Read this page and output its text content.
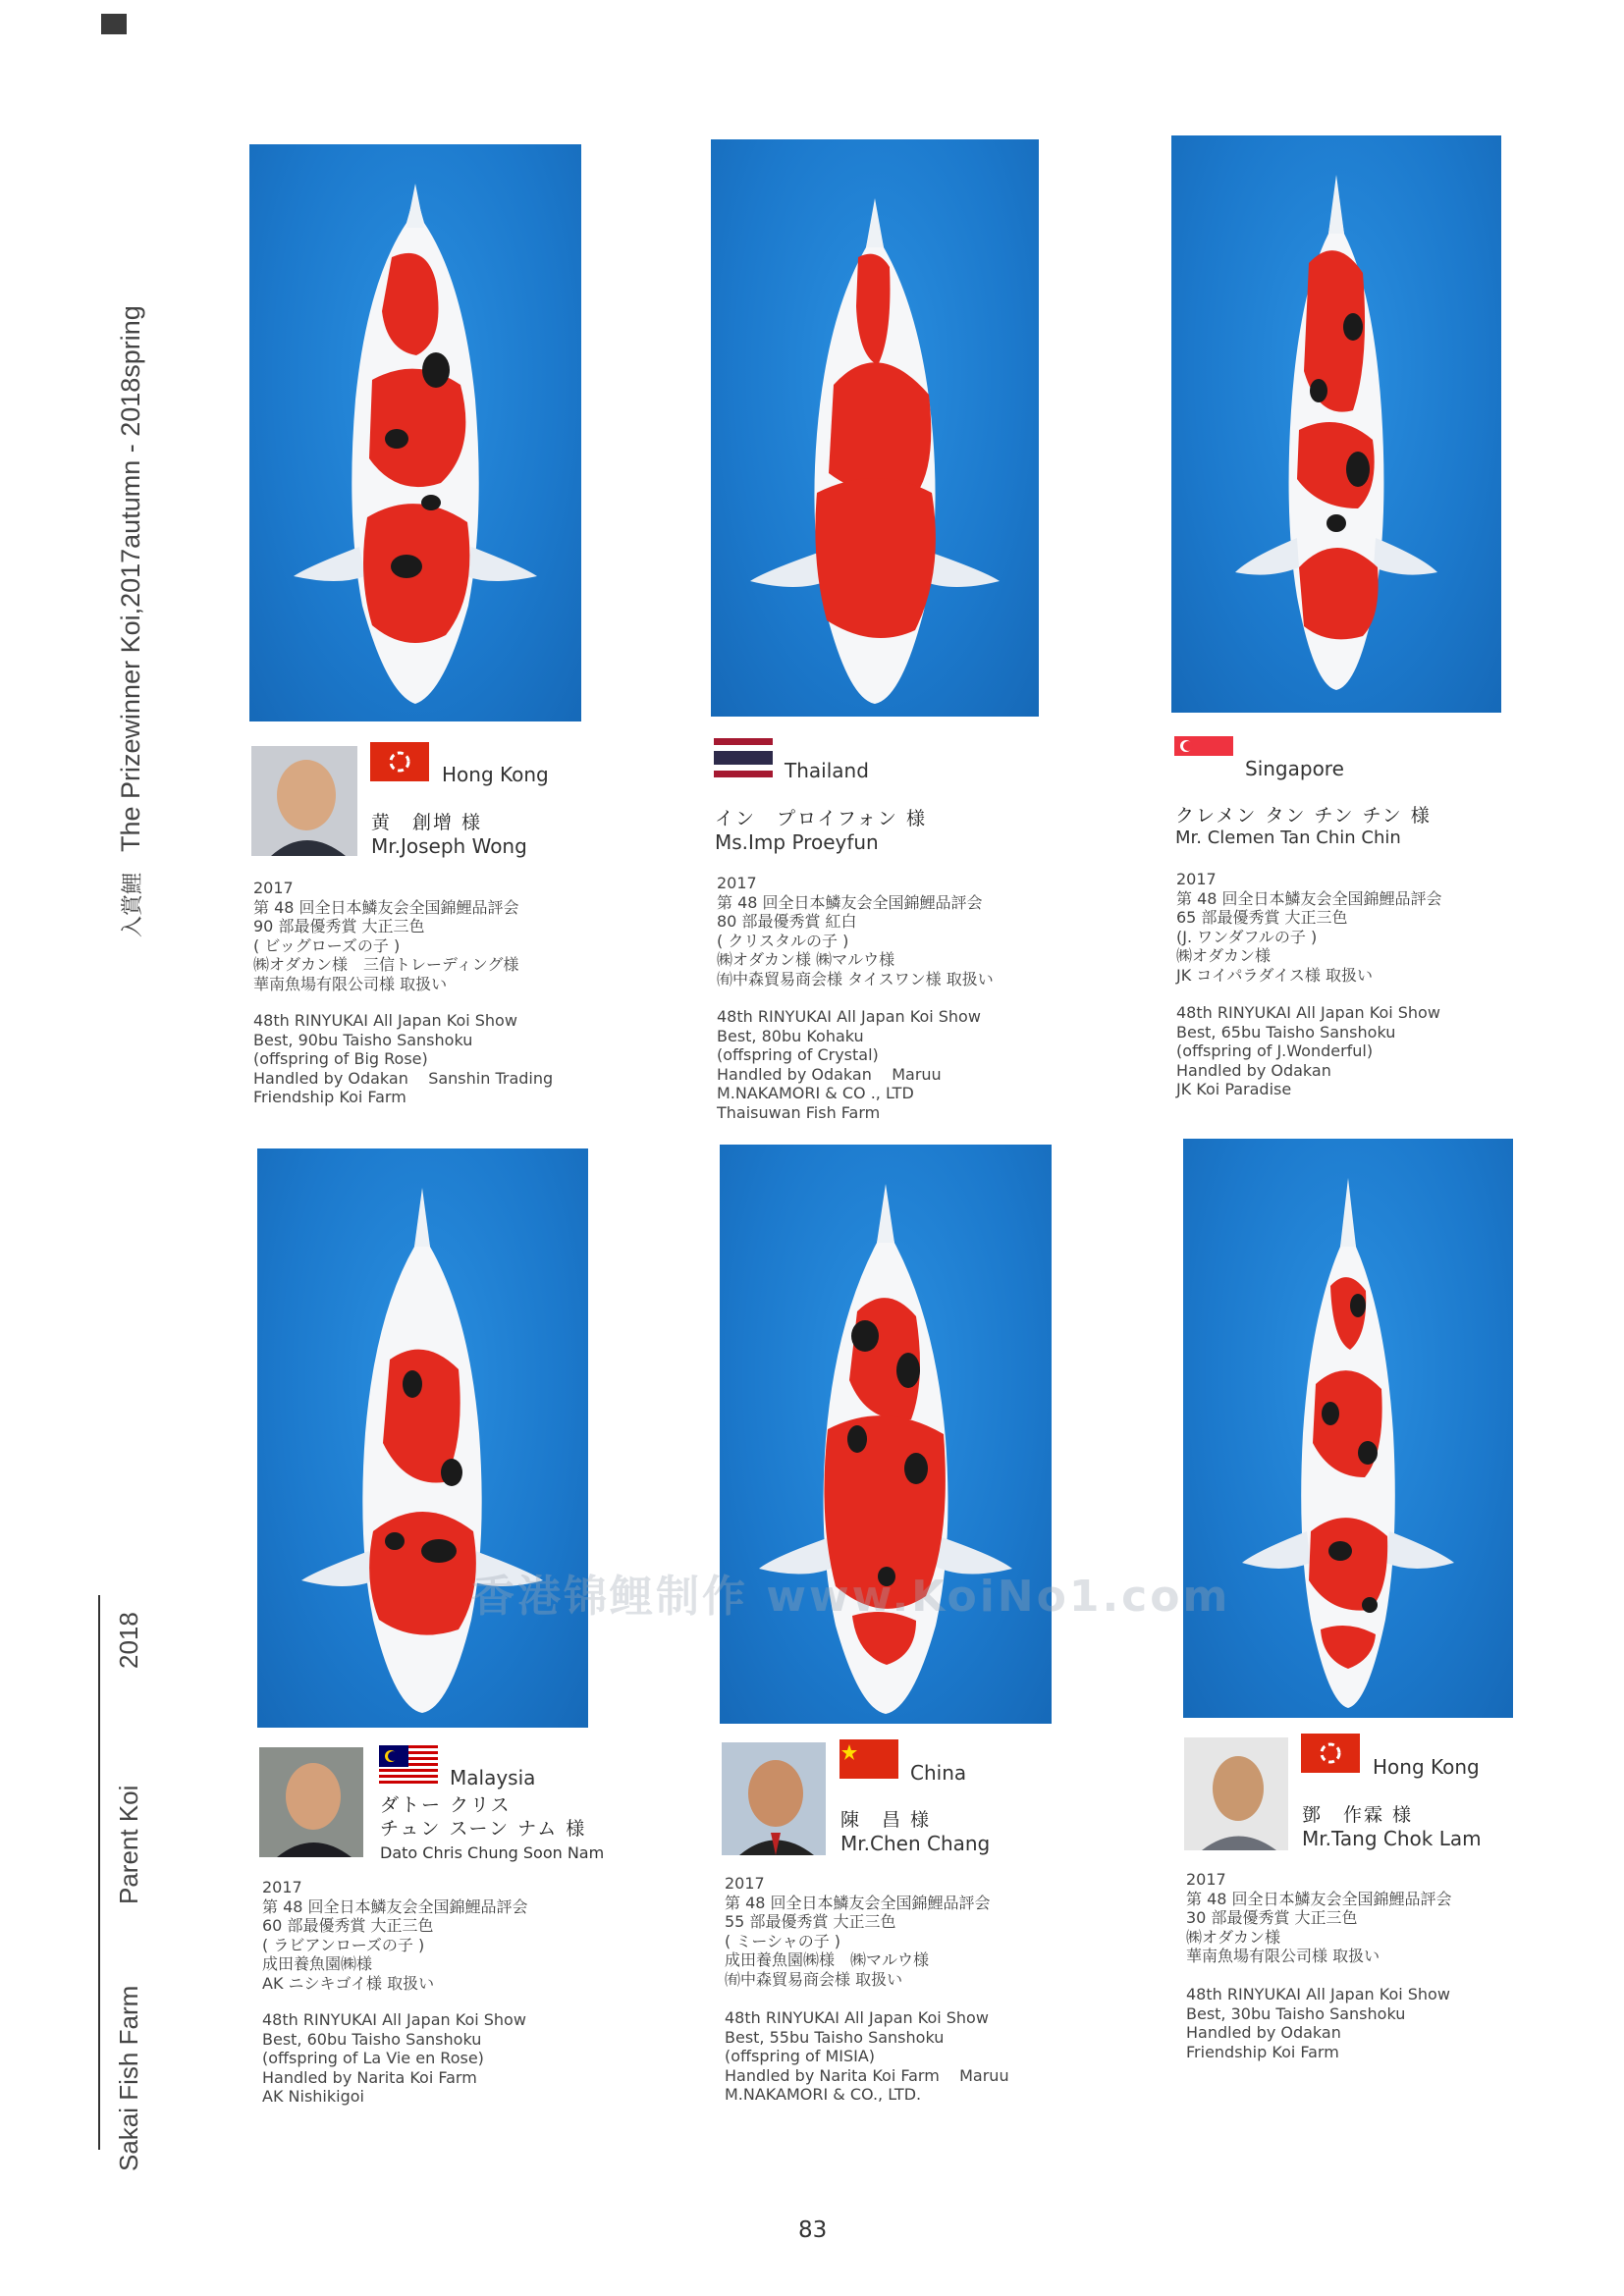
The Prizewinner Koi,2017autumn - 2018spring
入賞鯉
Sakai Fish Farm
Parent Koi
2018
Hong Kong
黄　創增 様
Mr.Joseph Wong
2017
第 48 回全日本鱗友会全国錦鯉品評会
90 部最優秀賞 大正三色
( ビッグローズの子 )
㈱オダカン様　三信トレーディング様
華南魚場有限公司様 取扱い
48th RINYUKAI All Japan Koi Show
Best, 90bu Taisho Sanshoku
(offspring of Big Rose)
Handled by Odakan    Sanshin Trading
Friendship Koi Farm
Thailand
イン　プロイフォン 様
Ms.Imp Proeyfun
2017
第 48 回全日本鱗友会全国錦鯉品評会
80 部最優秀賞 紅白
( クリスタルの子 )
㈱オダカン様 ㈱マルウ様
㈲中森貿易商会様 タイスワン様 取扱い
48th RINYUKAI All Japan Koi Show
Best, 80bu Kohaku
(offspring of Crystal)
Handled by Odakan    Maruu
M.NAKAMORI & CO ., LTD
Thaisuwan Fish Farm
Singapore
クレメン タン チン チン 様
Mr. Clemen Tan Chin Chin
2017
第 48 回全日本鱗友会全国錦鯉品評会
65 部最優秀賞 大正三色
(J. ワンダフルの子 )
㈱オダカン様
JK コイパラダイス様 取扱い
48th RINYUKAI All Japan Koi Show
Best, 65bu Taisho Sanshoku
(offspring of J.Wonderful)
Handled by Odakan
JK Koi Paradise
Malaysia
ダトー クリス
チュン スーン ナム 様
Dato Chris Chung Soon Nam
2017
第 48 回全日本鱗友会全国錦鯉品評会
60 部最優秀賞 大正三色
( ラビアンローズの子 )
成田養魚園㈱様
AK ニシキゴイ様 取扱い
48th RINYUKAI All Japan Koi Show
Best, 60bu Taisho Sanshoku
(offspring of La Vie en Rose)
Handled by Narita Koi Farm
AK Nishikigoi
China
陳　昌 様
Mr.Chen Chang
2017
第 48 回全日本鱗友会全国錦鯉品評会
55 部最優秀賞 大正三色
( ミーシャの子 )
成田養魚園㈱様　㈱マルウ様
㈲中森貿易商会様 取扱い
48th RINYUKAI All Japan Koi Show
Best, 55bu Taisho Sanshoku
(offspring of MISIA)
Handled by Narita Koi Farm    Maruu
M.NAKAMORI & CO., LTD.
Hong Kong
鄧　作霖 様
Mr.Tang Chok Lam
2017
第 48 回全日本鱗友会全国錦鯉品評会
30 部最優秀賞 大正三色
㈱オダカン様
華南魚場有限公司様 取扱い
48th RINYUKAI All Japan Koi Show
Best, 30bu Taisho Sanshoku
Handled by Odakan
Friendship Koi Farm
香港锦鲤制作 www.KoiNo1.com
83
